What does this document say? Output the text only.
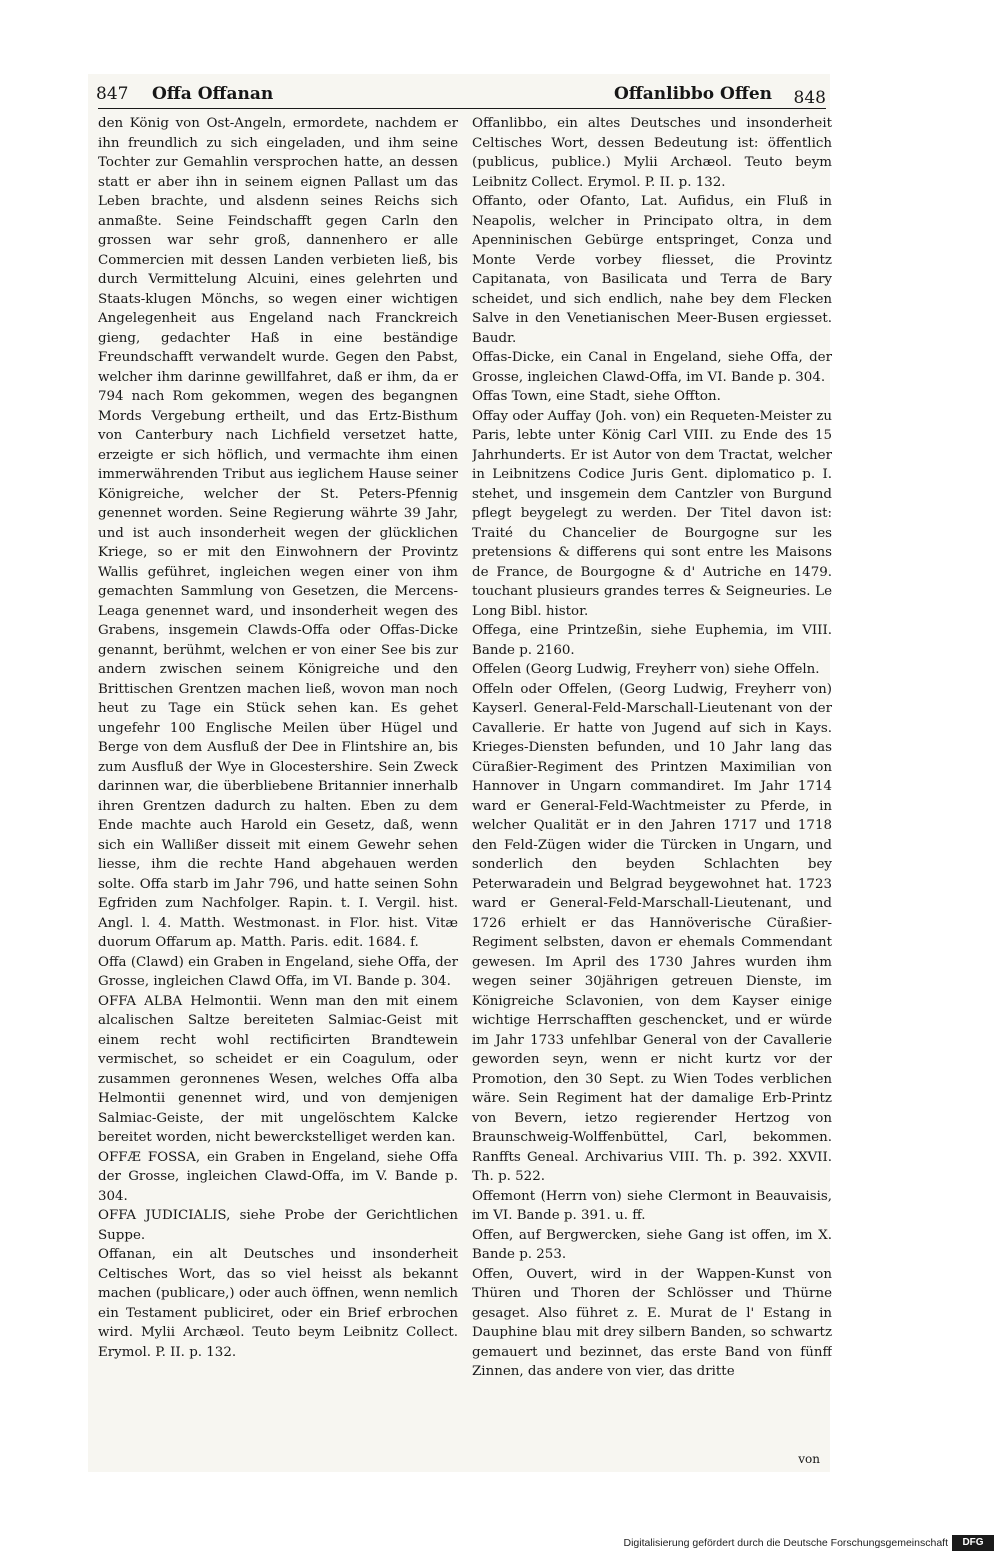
847 Offa Offanan	Offanlibbo Offen 848

den König von Ost-Angeln, ermordete, nachdem er ihn freundlich zu sich eingeladen, und ihm seine Tochter zur Gemahlin versprochen hatte, an dessen statt er aber ihn in seinem eignen Pallast um das Leben brachte, und alsdenn seines Reichs sich anmaßte. Seine Feindschafft gegen Carln den grossen war sehr groß, dannenhero er alle Commercien mit dessen Landen verbieten ließ, bis durch Vermittelung Alcuini, eines gelehrten und Staats-klugen Mönchs, so wegen einer wichtigen Angelegenheit aus Engeland nach Franckreich gieng, gedachter Haß in eine beständige Freundschafft verwandelt wurde. Gegen den Pabst, welcher ihm darinne gewillfahret, daß er ihm, da er 794 nach Rom gekommen, wegen des begangnen Mords Vergebung ertheilt, und das Ertz-Bisthum von Canterbury nach Lichfield versetzet hatte, erzeigte er sich höflich, und vermachte ihm einen immerwährenden Tribut aus ieglichem Hause seiner Königreiche, welcher der St. Peters-Pfennig genennet worden. Seine Regierung währte 39 Jahr, und ist auch insonderheit wegen der glücklichen Kriege, so er mit den Einwohnern der Provintz Wallis geführet, ingleichen wegen einer von ihm gemachten Sammlung von Gesetzen, die Mercens-Leaga genennet ward, und insonderheit wegen des Grabens, insgemein Clawds-Offa oder Offas-Dicke genannt, berühmt, welchen er von einer See bis zur andern zwischen seinem Königreiche und den Brittischen Grentzen machen ließ, wovon man noch heut zu Tage ein Stück sehen kan. Es gehet ungefehr 100 Englische Meilen über Hügel und Berge von dem Ausfluß der Dee in Flintshire an, bis zum Ausfluß der Wye in Glocestershire. Sein Zweck darinnen war, die überbliebene Britannier innerhalb ihren Grentzen dadurch zu halten. Eben zu dem Ende machte auch Harold ein Gesetz, daß, wenn sich ein Wallißer disseit mit einem Gewehr sehen liesse, ihm die rechte Hand abgehauen werden solte. Offa starb im Jahr 796, und hatte seinen Sohn Egfriden zum Nachfolger. Rapin. t. I. Vergil. hist. Angl. l. 4. Matth. Westmonast. in Flor. hist. Vitæ duorum Offarum ap. Matth. Paris. edit. 1684. f.

Offa (Clawd) ein Graben in Engeland, siehe Offa, der Grosse, ingleichen Clawd Offa, im VI. Bande p. 304.

OFFA ALBA Helmontii. Wenn man den mit einem alcalischen Saltze bereiteten Salmiac-Geist mit einem recht wohl rectificirten Brandtewein vermischet, so scheidet er ein Coagulum, oder zusammen geronnenes Wesen, welches Offa alba Helmontii genennet wird, und von demjenigen Salmiac-Geiste, der mit ungelöschtem Kalcke bereitet worden, nicht bewerckstelliget werden kan.

OFFÆ FOSSA, ein Graben in Engeland, siehe Offa der Grosse, ingleichen Clawd-Offa, im V. Bande p. 304.

OFFA JUDICIALIS, siehe Probe der Gerichtlichen Suppe.

Offanan, ein alt Deutsches und insonderheit Celtisches Wort, das so viel heisst als bekannt machen (publicare,) oder auch öffnen, wenn nemlich ein Testament publiciret, oder ein Brief erbrochen wird. Mylii Archæol. Teuto beym Leibnitz Collect. Erymol. P. II. p. 132.

Offanlibbo, ein altes Deutsches und insonderheit Celtisches Wort, dessen Bedeutung ist: öffentlich (publicus, publice.) Mylii Archæol. Teuto beym Leibnitz Collect. Erymol. P. II. p. 132.

Offanto, oder Ofanto, Lat. Aufidus, ein Fluß in Neapolis, welcher in Principato oltra, in dem Apenninischen Gebürge entspringet, Conza und Monte Verde vorbey fliesset, die Provintz Capitanata, von Basilicata und Terra de Bary scheidet, und sich endlich, nahe bey dem Flecken Salve in den Venetianischen Meer-Busen ergiesset. Baudr.

Offas-Dicke, ein Canal in Engeland, siehe Offa, der Grosse, ingleichen Clawd-Offa, im VI. Bande p. 304.

Offas Town, eine Stadt, siehe Offton.

Offay oder Auffay (Joh. von) ein Requeten-Meister zu Paris, lebte unter König Carl VIII. zu Ende des 15 Jahrhunderts. Er ist Autor von dem Tractat, welcher in Leibnitzens Codice Juris Gent. diplomatico p. I. stehet, und insgemein dem Cantzler von Burgund pflegt beygelegt zu werden. Der Titel davon ist: Traité du Chancelier de Bourgogne sur les pretensions & differens qui sont entre les Maisons de France, de Bourgogne & d' Autriche en 1479. touchant plusieurs grandes terres & Seigneuries. Le Long Bibl. histor.

Offega, eine Printzeßin, siehe Euphemia, im VIII. Bande p. 2160.

Offelen (Georg Ludwig, Freyherr von) siehe Offeln.

Offeln oder Offelen, (Georg Ludwig, Freyherr von) Kayserl. General-Feld-Marschall-Lieutenant von der Cavallerie. Er hatte von Jugend auf sich in Kays. Krieges-Diensten befunden, und 10 Jahr lang das Cüraßier-Regiment des Printzen Maximilian von Hannover in Ungarn commandiret. Im Jahr 1714 ward er General-Feld-Wachtmeister zu Pferde, in welcher Qualität er in den Jahren 1717 und 1718 den Feld-Zügen wider die Türcken in Ungarn, und sonderlich den beyden Schlachten bey Peterwaradein und Belgrad beygewohnet hat. 1723 ward er General-Feld-Marschall-Lieutenant, und 1726 erhielt er das Hannöverische Cüraßier-Regiment selbsten, davon er ehemals Commendant gewesen. Im April des 1730 Jahres wurden ihm wegen seiner 30jährigen getreuen Dienste, im Königreiche Sclavonien, von dem Kayser einige wichtige Herrschafften geschencket, und er würde im Jahr 1733 unfehlbar General von der Cavallerie geworden seyn, wenn er nicht kurtz vor der Promotion, den 30 Sept. zu Wien Todes verblichen wäre. Sein Regiment hat der damalige Erb-Printz von Bevern, ietzo regierender Hertzog von Braunschweig-Wolffenbüttel, Carl, bekommen. Ranffts Geneal. Archivarius VIII. Th. p. 392. XXVII. Th. p. 522.

Offemont (Herrn von) siehe Clermont in Beauvaisis, im VI. Bande p. 391. u. ff.

Offen, auf Bergwercken, siehe Gang ist offen, im X. Bande p. 253.

Offen, Ouvert, wird in der Wappen-Kunst von Thüren und Thoren der Schlösser und Thürne gesaget. Also führet z. E. Murat de l' Estang in Dauphine blau mit drey silbern Banden, so schwartz gemauert und bezinnet, das erste Band von fünff Zinnen, das andere von vier, das dritte

von
Digitalisierung gefördert durch die Deutsche Forschungsgemeinschaft	DFG
